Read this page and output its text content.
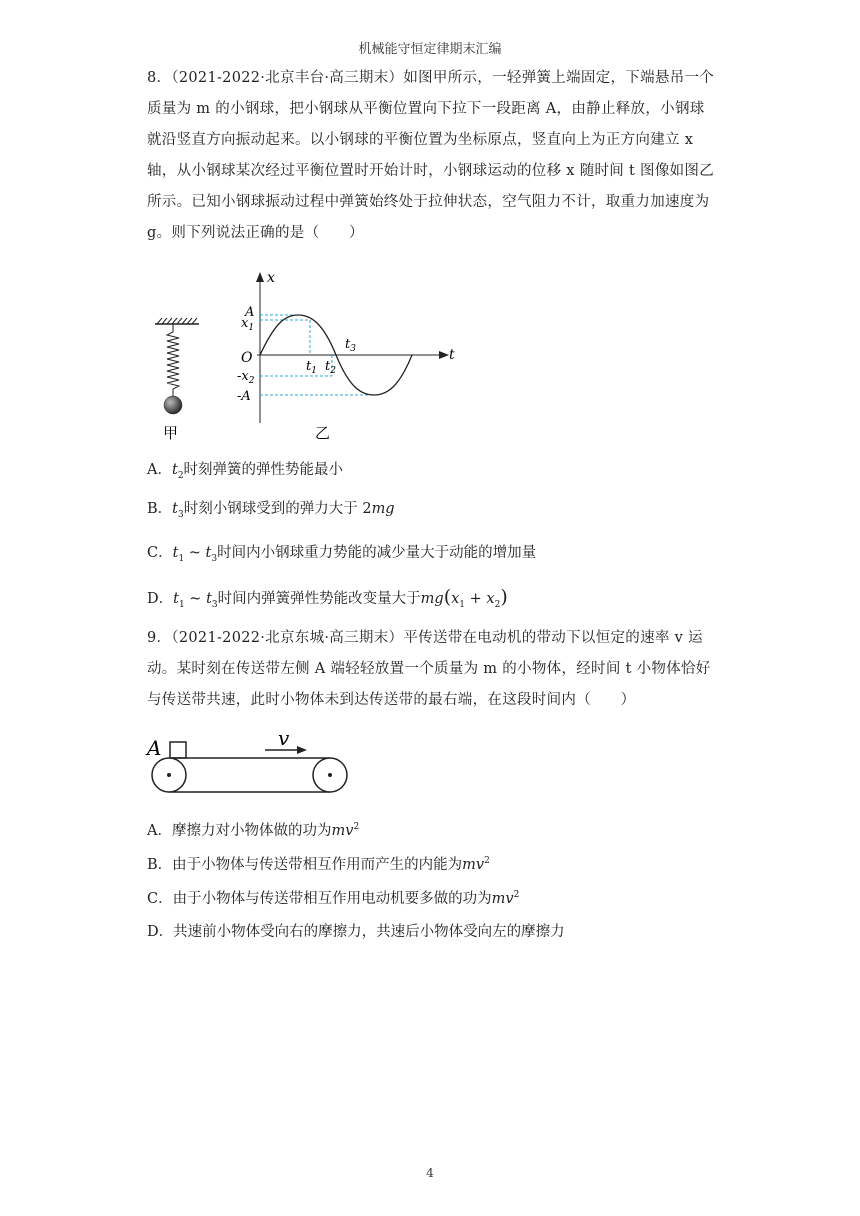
机械能守恒定律期末汇编
8．（2021-2022·北京丰台·高三期末）如图甲所示，一轻弹簧上端固定，下端悬吊一个质量为 m 的小钢球，把小钢球从平衡位置向下拉下一段距离 A，由静止释放，小钢球就沿竖直方向振动起来。以小钢球的平衡位置为坐标原点，竖直向上为正方向建立 x 轴，从小钢球某次经过平衡位置时开始计时，小钢球运动的位移 x 随时间 t 图像如图乙所示。已知小钢球振动过程中弹簧始终处于拉伸状态，空气阻力不计，取重力加速度为 g。则下列说法正确的是（　　）
甲
x
t
O
A
$x_1$
$-x_2$
-A
$t_1$ $t_2$
$t_3$
乙
A．$t_2$时刻弹簧的弹性势能最小
B．$t_3$时刻小钢球受到的弹力大于 2mg
C．$t_1$ ~ $t_3$时间内小钢球重力势能的减少量大于动能的增加量
D．$t_1$ ~ $t_3$时间内弹簧弹性势能改变量大于$mg(x_1 + x_2)$
9．（2021-2022·北京东城·高三期末）平传送带在电动机的带动下以恒定的速率 v 运动。某时刻在传送带左侧 A 端轻轻放置一个质量为 m 的小物体，经时间 t 小物体恰好与传送带共速，此时小物体未到达传送带的最右端，在这段时间内（　　）
A	v
A．摩擦力对小物体做的功为$mv^2$
B．由于小物体与传送带相互作用而产生的内能为$mv^2$
C．由于小物体与传送带相互作用电动机要多做的功为$mv^2$
D．共速前小物体受向右的摩擦力，共速后小物体受向左的摩擦力
4
